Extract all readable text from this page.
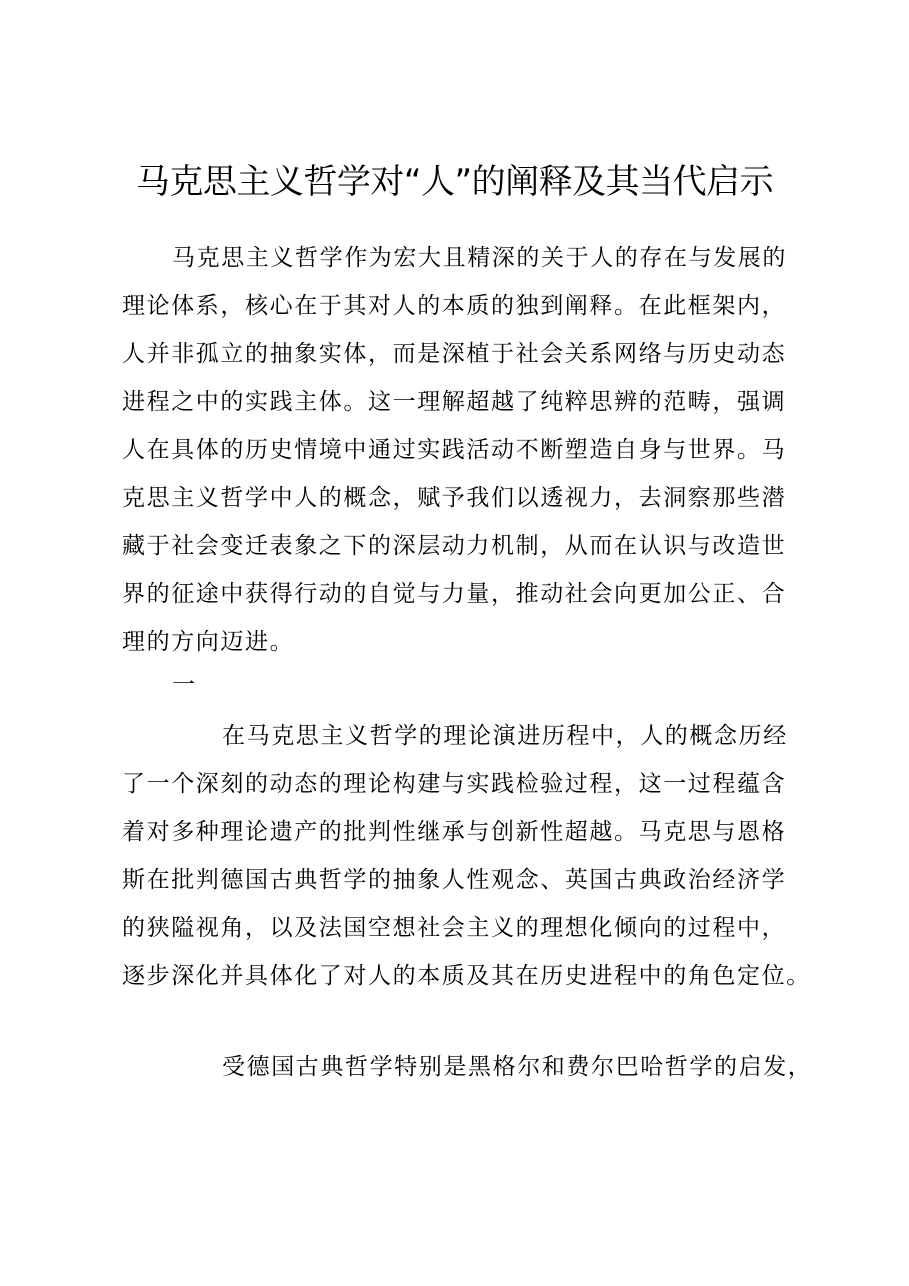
马克思主义哲学对“人”的阐释及其当代启示
马克思主义哲学作为宏大且精深的关于人的存在与发展的
理论体系，核心在于其对人的本质的独到阐释。在此框架内，
人并非孤立的抽象实体，而是深植于社会关系网络与历史动态
进程之中的实践主体。这一理解超越了纯粹思辨的范畴，强调
人在具体的历史情境中通过实践活动不断塑造自身与世界。马
克思主义哲学中人的概念，赋予我们以透视力，去洞察那些潜
藏于社会变迁表象之下的深层动力机制，从而在认识与改造世
界的征途中获得行动的自觉与力量，推动社会向更加公正、合
理的方向迈进。
一
在马克思主义哲学的理论演进历程中，人的概念历经
了一个深刻的动态的理论构建与实践检验过程，这一过程蕴含
着对多种理论遗产的批判性继承与创新性超越。马克思与恩格
斯在批判德国古典哲学的抽象人性观念、英国古典政治经济学
的狭隘视角，以及法国空想社会主义的理想化倾向的过程中，
逐步深化并具体化了对人的本质及其在历史进程中的角色定位。
受德国古典哲学特别是黑格尔和费尔巴哈哲学的启发，
